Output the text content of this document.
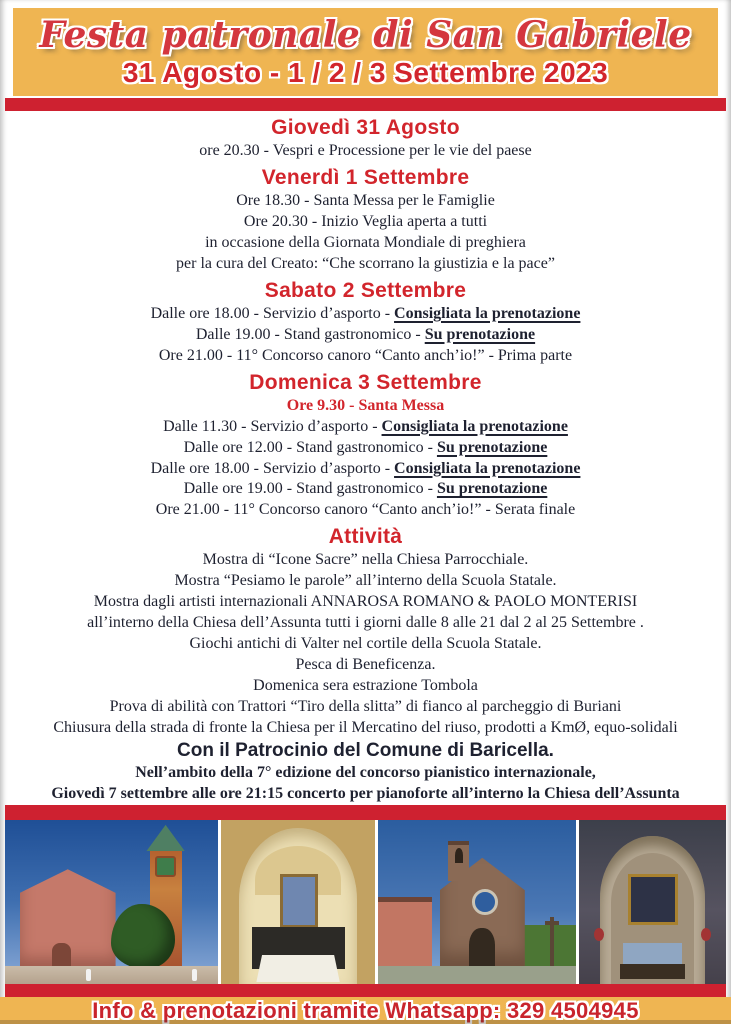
Festa patronale di San Gabriele
31 Agosto - 1 / 2 / 3 Settembre 2023
Giovedì 31 Agosto
ore 20.30 - Vespri e Processione per le vie del paese
Venerdì 1 Settembre
Ore 18.30 - Santa Messa per le Famiglie
Ore 20.30 - Inizio Veglia aperta a tutti
in occasione della Giornata Mondiale di preghiera
per la cura del Creato: “Che scorrano la giustizia e la pace”
Sabato 2 Settembre
Dalle ore 18.00 - Servizio d’asporto - Consigliata la prenotazione
Dalle 19.00 - Stand gastronomico - Su prenotazione
Ore 21.00 - 11° Concorso canoro “Canto anch’io!” - Prima parte
Domenica 3 Settembre
Ore 9.30 - Santa Messa
Dalle 11.30 - Servizio d’asporto - Consigliata la prenotazione
Dalle ore 12.00 - Stand gastronomico - Su prenotazione
Dalle ore 18.00 - Servizio d’asporto - Consigliata la prenotazione
Dalle ore 19.00 - Stand gastronomico - Su prenotazione
Ore 21.00 - 11° Concorso canoro “Canto anch’io!” - Serata finale
Attività
Mostra di “Icone Sacre” nella Chiesa Parrocchiale.
Mostra “Pesiamo le parole” all’interno della Scuola Statale.
Mostra dagli artisti internazionali ANNAROSA ROMANO & PAOLO MONTERISI
all’interno della Chiesa dell’Assunta tutti i giorni dalle 8 alle 21 dal 2 al 25 Settembre .
Giochi antichi di Valter nel cortile della Scuola Statale.
Pesca di Beneficenza.
Domenica sera estrazione Tombola
Prova di abilità con Trattori “Tiro della slitta” di fianco al parcheggio di Buriani
Chiusura della strada di fronte la Chiesa per il Mercatino del riuso, prodotti a KmØ, equo-solidali
Con il Patrocinio del Comune di Baricella.
Nell’ambito della 7° edizione del concorso pianistico internazionale,
Giovedì 7 settembre alle ore 21:15 concerto per pianoforte all’interno la Chiesa dell’Assunta
Info & prenotazioni tramite Whatsapp: 329 4504945
